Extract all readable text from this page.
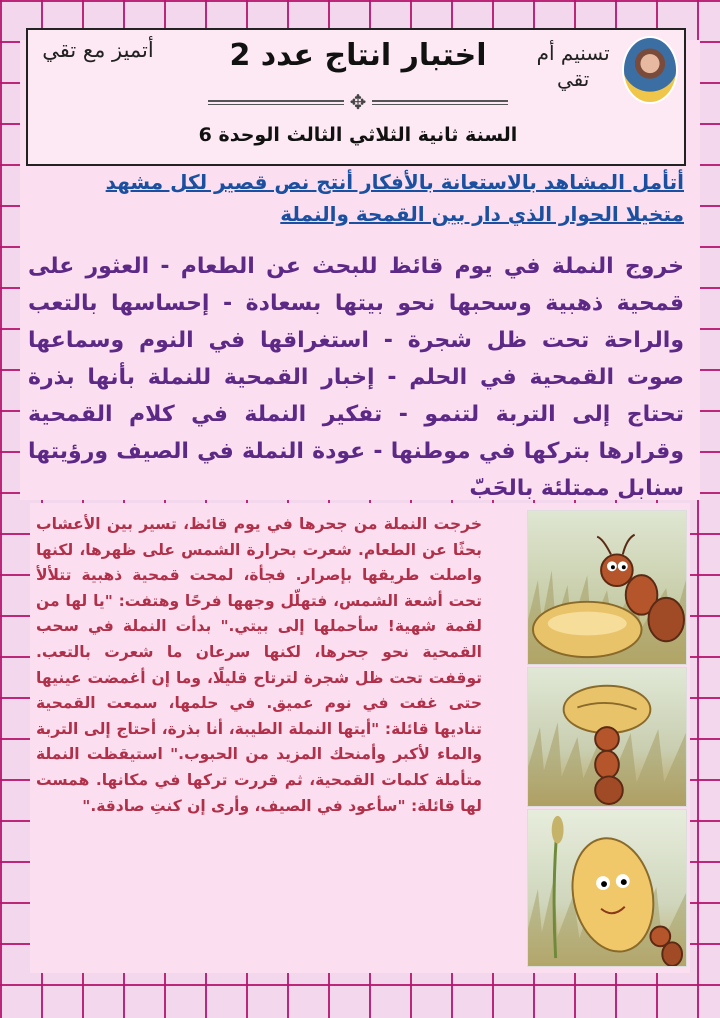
أتميز مع تقي	اختبار انتاج عدد 2	تسنيم أم تقي
✥
السنة ثانية الثلاثي الثالث الوحدة 6
أتأمل المشاهد بالاستعانة بالأفكار أنتج نص قصير لكل مشهد متخيلا الحوار الذي دار بين القمحة والنملة
خروج النملة في يوم قائظ للبحث عن الطعام - العثور على قمحية ذهبية وسحبها نحو بيتها بسعادة - إحساسها بالتعب والراحة تحت ظل شجرة - استغراقها في النوم وسماعها صوت القمحية في الحلم - إخبار القمحية للنملة بأنها بذرة تحتاج إلى التربة لتنمو - تفكير النملة في كلام القمحية وقرارها بتركها في موطنها - عودة النملة في الصيف ورؤيتها سنابل ممتلئة بالحَبّ
خرجت النملة من جحرها في يوم قائظ، تسير بين الأعشاب بحثًا عن الطعام. شعرت بحرارة الشمس على ظهرها، لكنها واصلت طريقها بإصرار. فجأة، لمحت قمحية ذهبية تتلألأ تحت أشعة الشمس، فتهلّل وجهها فرحًا وهتفت: "يا لها من لقمة شهية! سأحملها إلى بيتي." بدأت النملة في سحب القمحية نحو جحرها، لكنها سرعان ما شعرت بالتعب. توقفت تحت ظل شجرة لترتاح قليلًا، وما إن أغمضت عينيها حتى غفت في نوم عميق. في حلمها، سمعت القمحية تناديها قائلة: "أيتها النملة الطيبة، أنا بذرة، أحتاج إلى التربة والماء لأكبر وأمنحك المزيد من الحبوب." استيقظت النملة متأملة كلمات القمحية، ثم قررت تركها في مكانها. همست لها قائلة: "سأعود في الصيف، وأرى إن كنتِ صادقة."
